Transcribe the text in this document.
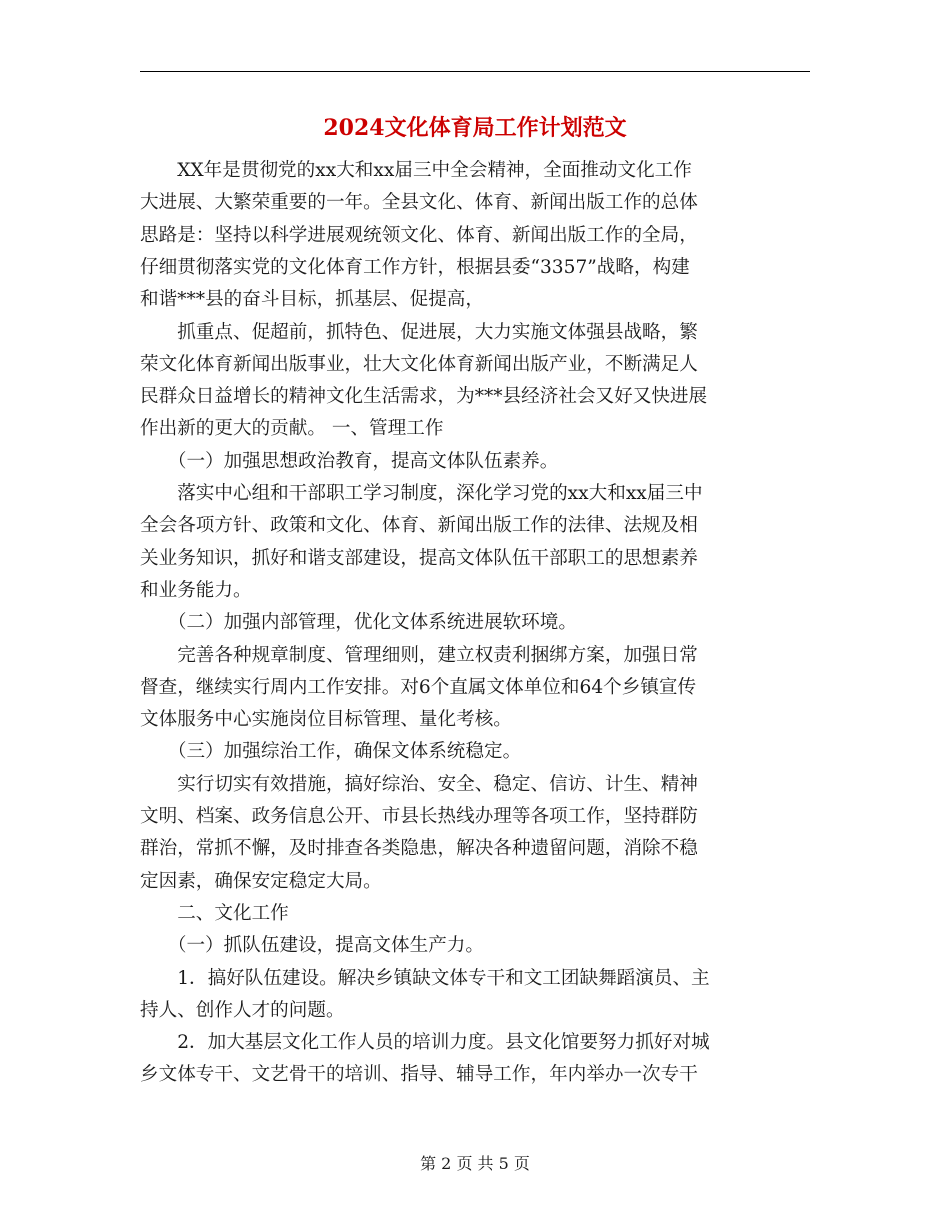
2024文化体育局工作计划范文
　　XX年是贯彻党的xx大和xx届三中全会精神，全面推动文化工作
大进展、大繁荣重要的一年。全县文化、体育、新闻出版工作的总体
思路是：坚持以科学进展观统领文化、体育、新闻出版工作的全局，
仔细贯彻落实党的文化体育工作方针，根据县委“3357”战略，构建
和谐***县的奋斗目标，抓基层、促提高，
　　抓重点、促超前，抓特色、促进展，大力实施文体强县战略，繁
荣文化体育新闻出版事业，壮大文化体育新闻出版产业，不断满足人
民群众日益增长的精神文化生活需求，为***县经济社会又好又快进展
作出新的更大的贡献。 一、管理工作
　　（一）加强思想政治教育，提高文体队伍素养。
　　落实中心组和干部职工学习制度，深化学习党的xx大和xx届三中
全会各项方针、政策和文化、体育、新闻出版工作的法律、法规及相
关业务知识，抓好和谐支部建设，提高文体队伍干部职工的思想素养
和业务能力。
　　（二）加强内部管理，优化文体系统进展软环境。
　　完善各种规章制度、管理细则，建立权责利捆绑方案，加强日常
督查，继续实行周内工作安排。对6个直属文体单位和64个乡镇宣传
文体服务中心实施岗位目标管理、量化考核。
　　（三）加强综治工作，确保文体系统稳定。
　　实行切实有效措施，搞好综治、安全、稳定、信访、计生、精神
文明、档案、政务信息公开、市县长热线办理等各项工作，坚持群防
群治，常抓不懈，及时排查各类隐患，解决各种遗留问题，消除不稳
定因素，确保安定稳定大局。
　　二、文化工作
　　（一）抓队伍建设，提高文体生产力。
　　1．搞好队伍建设。解决乡镇缺文体专干和文工团缺舞蹈演员、主
持人、创作人才的问题。
　　2．加大基层文化工作人员的培训力度。县文化馆要努力抓好对城
乡文体专干、文艺骨干的培训、指导、辅导工作，年内举办一次专干
第 2 页 共 5 页
